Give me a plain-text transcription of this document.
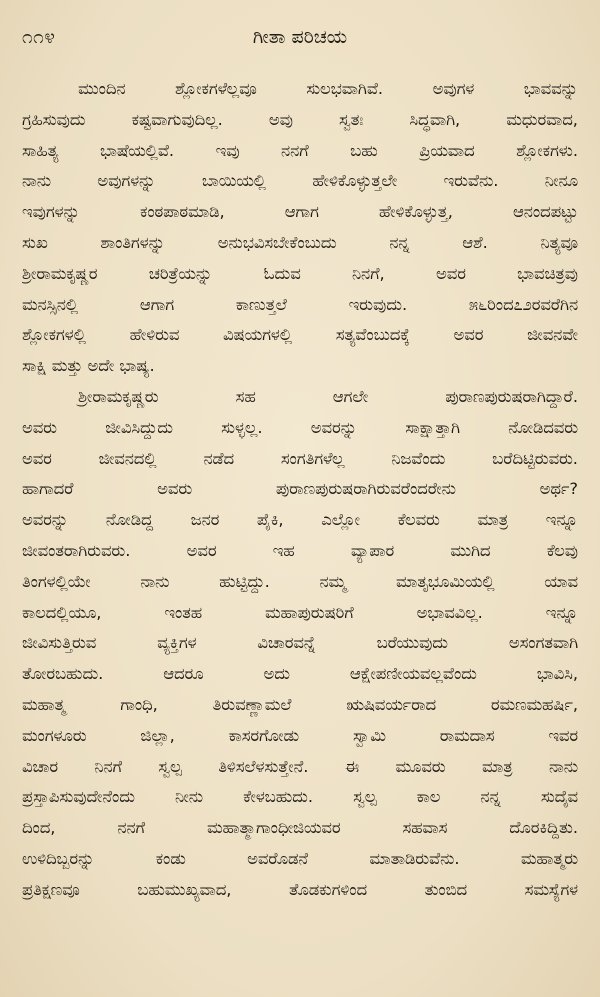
೧೧೪	ಗೀತಾ ಪರಿಚಯ
ಮುಂದಿನ ಶ್ಲೋಕಗಳೆಲ್ಲವೂ ಸುಲಭವಾಗಿವೆ. ಅವುಗಳ ಭಾವವನ್ನು
ಗ್ರಹಿಸುವುದು ಕಷ್ಟವಾಗುವುದಿಲ್ಲ. ಅವು ಸ್ವತಃ ಸಿದ್ಧವಾಗಿ, ಮಧುರವಾದ,
ಸಾಹಿತ್ಯ ಭಾಷೆಯಲ್ಲಿವೆ. ಇವು ನನಗೆ ಬಹು ಪ್ರಿಯವಾದ ಶ್ಲೋಕಗಳು.
ನಾನು ಅವುಗಳನ್ನು ಬಾಯಿಯಲ್ಲಿ ಹೇಳಿಕೊಳ್ಳುತ್ತಲೇ ಇರುವೆನು. ನೀನೂ
ಇವುಗಳನ್ನು ಕಂಠಪಾಠಮಾಡಿ, ಆಗಾಗ ಹೇಳಿಕೊಳ್ಳುತ್ತ, ಆನಂದಪಟ್ಟು
ಸುಖ ಶಾಂತಿಗಳನ್ನು ಅನುಭವಿಸಬೇಕೆಂಬುದು ನನ್ನ ಆಶೆ. ನಿತ್ಯವೂ
ಶ್ರೀರಾಮಕೃಷ್ಣರ ಚರಿತ್ರೆಯನ್ನು ಓದುವ ನಿನಗೆ, ಅವರ ಭಾವಚಿತ್ರವು
ಮನಸ್ಸಿನಲ್ಲಿ ಆಗಾಗ ಕಾಣುತ್ತಲೆ ಇರುವುದು. ೫೬ರಿಂದ೭೨ರವರೆಗಿನ
ಶ್ಲೋಕಗಳಲ್ಲಿ ಹೇಳಿರುವ ವಿಷಯಗಳಲ್ಲಿ ಸತ್ಯವೆಂಬುದಕ್ಕೆ ಅವರ ಜೀವನವೇ
ಸಾಕ್ಷಿ ಮತ್ತು ಅದೇ ಭಾಷ್ಯ.
ಶ್ರೀರಾಮಕೃಷ್ಣರು ಸಹ ಆಗಲೇ ಪುರಾಣಪುರುಷರಾಗಿದ್ದಾರೆ.
ಅವರು ಜೀವಿಸಿದ್ದುದು ಸುಳ್ಳಲ್ಲ. ಅವರನ್ನು ಸಾಕ್ಷಾತ್ತಾಗಿ ನೋಡಿದವರು
ಅವರ ಜೀವನದಲ್ಲಿ ನಡೆದ ಸಂಗತಿಗಳೆಲ್ಲ ನಿಜವೆಂದು ಬರೆದಿಟ್ಟಿರುವರು.
ಹಾಗಾದರೆ ಅವರು ಪುರಾಣಪುರುಷರಾಗಿರುವರೆಂದರೇನು ಅರ್ಥ?
ಅವರನ್ನು ನೋಡಿದ್ದ ಜನರ ಪೈಕಿ, ಎಲ್ಲೋ ಕೆಲವರು ಮಾತ್ರ ಇನ್ನೂ
ಜೀವಂತರಾಗಿರುವರು. ಅವರ ಇಹ ವ್ಯಾಪಾರ ಮುಗಿದ ಕೆಲವು
ತಿಂಗಳಲ್ಲಿಯೇ ನಾನು ಹುಟ್ಟಿದ್ದು. ನಮ್ಮ ಮಾತೃಭೂಮಿಯಲ್ಲಿ ಯಾವ
ಕಾಲದಲ್ಲಿಯೂ, ಇಂತಹ ಮಹಾಪುರುಷರಿಗೆ ಅಭಾವವಿಲ್ಲ. ಇನ್ನೂ
ಜೀವಿಸುತ್ತಿರುವ ವ್ಯಕ್ತಿಗಳ ವಿಚಾರವನ್ನೆ ಬರೆಯುವುದು ಅಸಂಗತವಾಗಿ
ತೋರಬಹುದು. ಆದರೂ ಅದು ಆಕ್ಷೇಪಣೀಯವಲ್ಲವೆಂದು ಭಾವಿಸಿ,
ಮಹಾತ್ಮ ಗಾಂಧಿ, ತಿರುವಣ್ಣಾಮಲೆ ಋಷಿವರ್ಯರಾದ ರಮಣಮಹರ್ಷಿ,
ಮಂಗಳೂರು ಜಿಲ್ಲಾ, ಕಾಸರಗೋಡು ಸ್ವಾಮಿ ರಾಮದಾಸ ಇವರ
ವಿಚಾರ ನಿನಗೆ ಸ್ವಲ್ಪ ತಿಳಿಸಲೆಳಸುತ್ತೇನೆ. ಈ ಮೂವರು ಮಾತ್ರ ನಾನು
ಪ್ರಸ್ತಾಪಿಸುವುದೇನೆಂದು ನೀನು ಕೇಳಬಹುದು. ಸ್ವಲ್ಪ ಕಾಲ ನನ್ನ ಸುದೈವ
ದಿಂದ, ನನಗೆ ಮಹಾತ್ಮಾಗಾಂಧೀಜಿಯವರ ಸಹವಾಸ ದೊರಕಿದ್ದಿತು.
ಉಳಿದಿಬ್ಬರನ್ನು ಕಂಡು ಅವರೊಡನೆ ಮಾತಾಡಿರುವೆನು. ಮಹಾತ್ಮರು
ಪ್ರತಿಕ್ಷಣವೂ ಬಹುಮುಖ್ಯವಾದ, ತೊಡಕುಗಳಿಂದ ತುಂಬಿದ ಸಮಸ್ಯೆಗಳ
